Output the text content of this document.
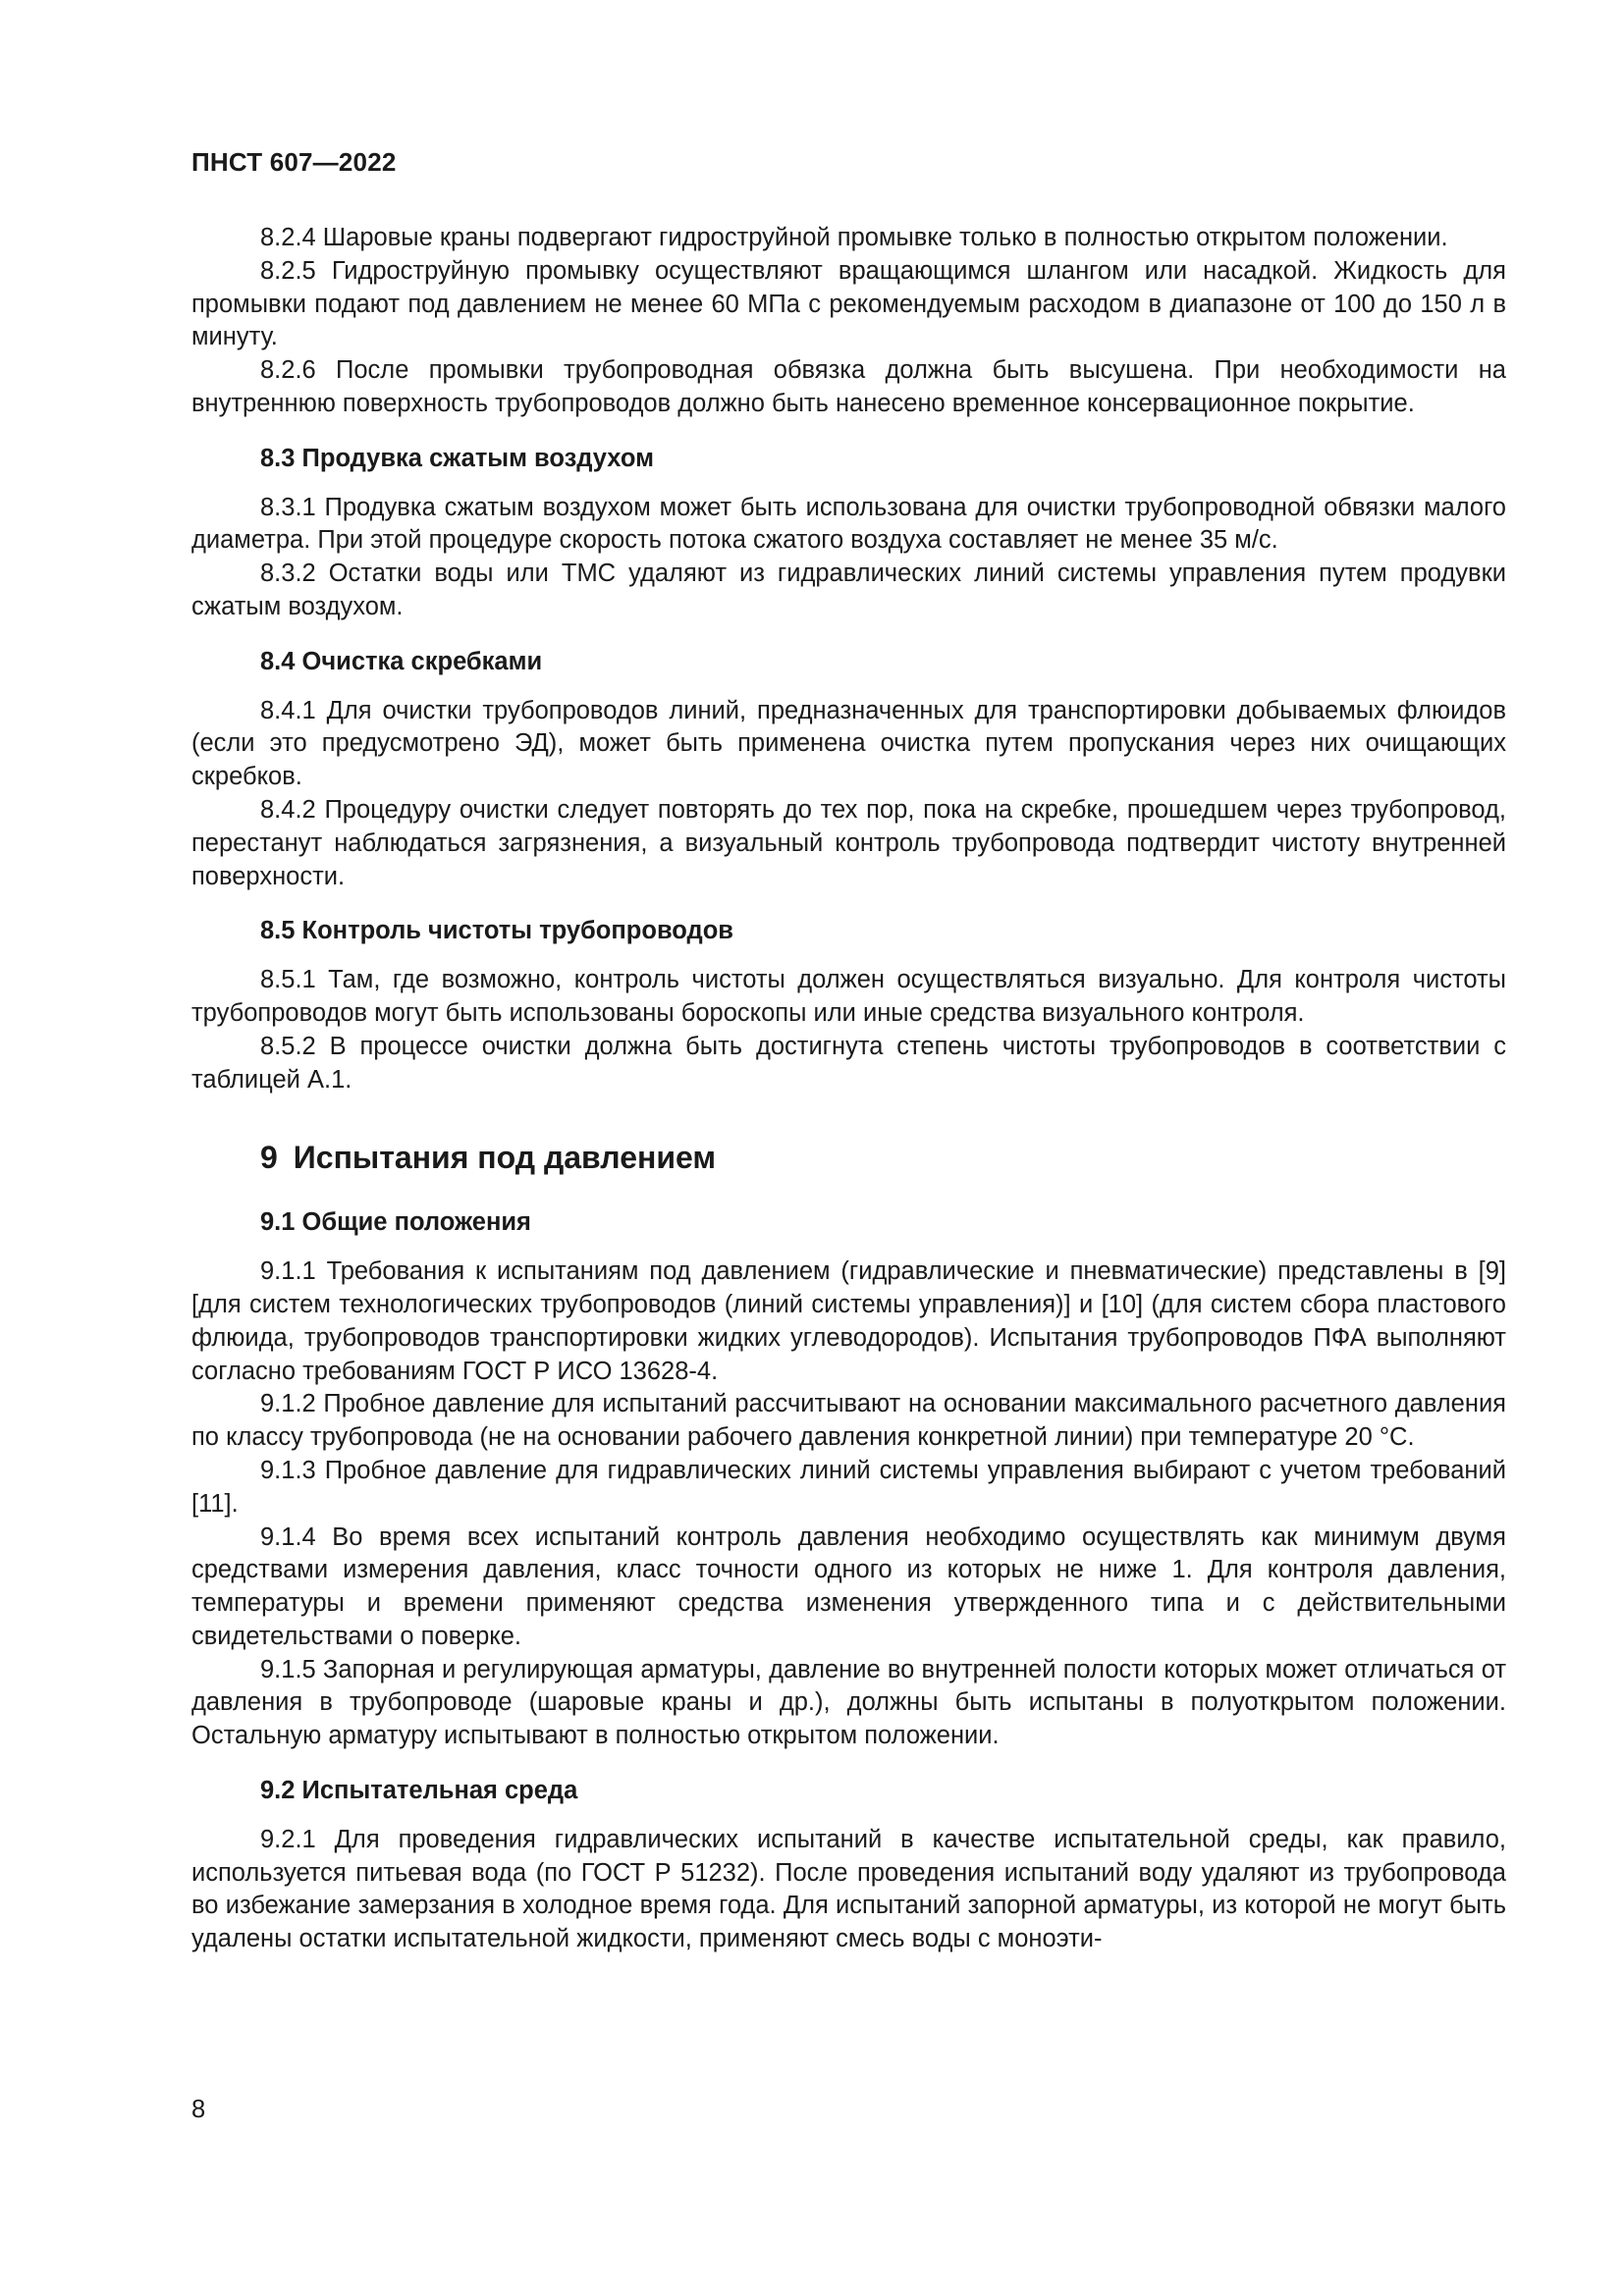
ПНСТ 607—2022

8.2.4 Шаровые краны подвергают гидроструйной промывке только в полностью открытом положении.

8.2.5 Гидроструйную промывку осуществляют вращающимся шлангом или насадкой. Жидкость для промывки подают под давлением не менее 60 МПа с рекомендуемым расходом в диапазоне от 100 до 150 л в минуту.

8.2.6 После промывки трубопроводная обвязка должна быть высушена. При необходимости на внутреннюю поверхность трубопроводов должно быть нанесено временное консервационное покрытие.

8.3 Продувка сжатым воздухом

8.3.1 Продувка сжатым воздухом может быть использована для очистки трубопроводной обвязки малого диаметра. При этой процедуре скорость потока сжатого воздуха составляет не менее 35 м/с.

8.3.2 Остатки воды или ТМС удаляют из гидравлических линий системы управления путем продувки сжатым воздухом.

8.4 Очистка скребками

8.4.1 Для очистки трубопроводов линий, предназначенных для транспортировки добываемых флюидов (если это предусмотрено ЭД), может быть применена очистка путем пропускания через них очищающих скребков.

8.4.2 Процедуру очистки следует повторять до тех пор, пока на скребке, прошедшем через трубопровод, перестанут наблюдаться загрязнения, а визуальный контроль трубопровода подтвердит чистоту внутренней поверхности.

8.5 Контроль чистоты трубопроводов

8.5.1 Там, где возможно, контроль чистоты должен осуществляться визуально. Для контроля чистоты трубопроводов могут быть использованы бороскопы или иные средства визуального контроля.

8.5.2 В процессе очистки должна быть достигнута степень чистоты трубопроводов в соответствии с таблицей А.1.

9 Испытания под давлением
9.1 Общие положения

9.1.1 Требования к испытаниям под давлением (гидравлические и пневматические) представлены в [9] [для систем технологических трубопроводов (линий системы управления)] и [10] (для систем сбора пластового флюида, трубопроводов транспортировки жидких углеводородов). Испытания трубопроводов ПФА выполняют согласно требованиям ГОСТ Р ИСО 13628-4.

9.1.2 Пробное давление для испытаний рассчитывают на основании максимального расчетного давления по классу трубопровода (не на основании рабочего давления конкретной линии) при температуре 20 °С.

9.1.3 Пробное давление для гидравлических линий системы управления выбирают с учетом требований [11].

9.1.4 Во время всех испытаний контроль давления необходимо осуществлять как минимум двумя средствами измерения давления, класс точности одного из которых не ниже 1. Для контроля давления, температуры и времени применяют средства изменения утвержденного типа и с действительными свидетельствами о поверке.

9.1.5 Запорная и регулирующая арматуры, давление во внутренней полости которых может отличаться от давления в трубопроводе (шаровые краны и др.), должны быть испытаны в полуоткрытом положении. Остальную арматуру испытывают в полностью открытом положении.

9.2 Испытательная среда

9.2.1 Для проведения гидравлических испытаний в качестве испытательной среды, как правило, используется питьевая вода (по ГОСТ Р 51232). После проведения испытаний воду удаляют из трубопровода во избежание замерзания в холодное время года. Для испытаний запорной арматуры, из которой не могут быть удалены остатки испытательной жидкости, применяют смесь воды с моноэти-

8
